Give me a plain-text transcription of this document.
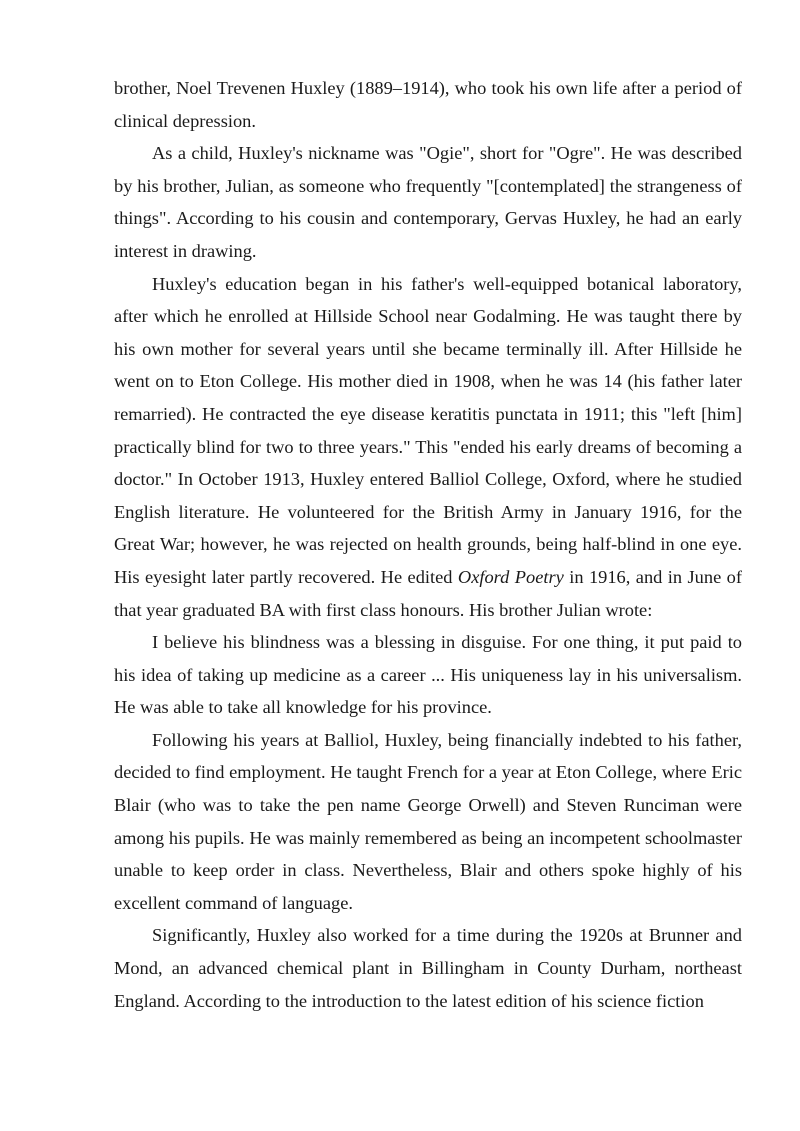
brother, Noel Trevenen Huxley (1889–1914), who took his own life after a period of clinical depression.

As a child, Huxley's nickname was "Ogie", short for "Ogre". He was described by his brother, Julian, as someone who frequently "[contemplated] the strangeness of things". According to his cousin and contemporary, Gervas Huxley, he had an early interest in drawing.

Huxley's education began in his father's well-equipped botanical laboratory, after which he enrolled at Hillside School near Godalming. He was taught there by his own mother for several years until she became terminally ill. After Hillside he went on to Eton College. His mother died in 1908, when he was 14 (his father later remarried). He contracted the eye disease keratitis punctata in 1911; this "left [him] practically blind for two to three years." This "ended his early dreams of becoming a doctor." In October 1913, Huxley entered Balliol College, Oxford, where he studied English literature. He volunteered for the British Army in January 1916, for the Great War; however, he was rejected on health grounds, being half-blind in one eye. His eyesight later partly recovered. He edited Oxford Poetry in 1916, and in June of that year graduated BA with first class honours. His brother Julian wrote:

I believe his blindness was a blessing in disguise. For one thing, it put paid to his idea of taking up medicine as a career ... His uniqueness lay in his universalism. He was able to take all knowledge for his province.

Following his years at Balliol, Huxley, being financially indebted to his father, decided to find employment. He taught French for a year at Eton College, where Eric Blair (who was to take the pen name George Orwell) and Steven Runciman were among his pupils. He was mainly remembered as being an incompetent schoolmaster unable to keep order in class. Nevertheless, Blair and others spoke highly of his excellent command of language.

Significantly, Huxley also worked for a time during the 1920s at Brunner and Mond, an advanced chemical plant in Billingham in County Durham, northeast England. According to the introduction to the latest edition of his science fiction
